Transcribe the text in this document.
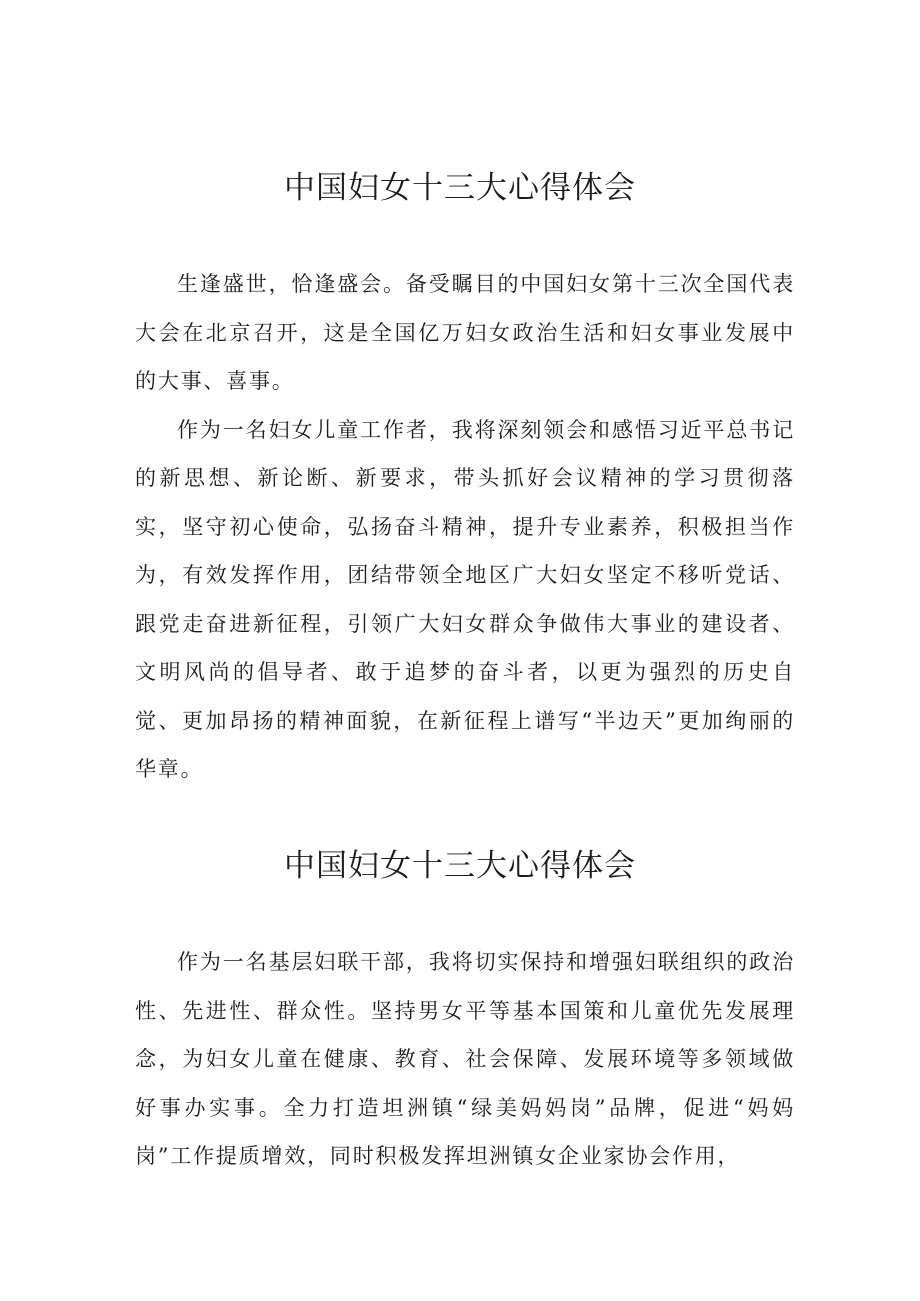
中国妇女十三大心得体会

生逢盛世，恰逢盛会。备受瞩目的中国妇女第十三次全国代表大会在北京召开，这是全国亿万妇女政治生活和妇女事业发展中的大事、喜事。

作为一名妇女儿童工作者，我将深刻领会和感悟习近平总书记的新思想、新论断、新要求，带头抓好会议精神的学习贯彻落实，坚守初心使命，弘扬奋斗精神，提升专业素养，积极担当作为，有效发挥作用，团结带领全地区广大妇女坚定不移听党话、跟党走奋进新征程，引领广大妇女群众争做伟大事业的建设者、文明风尚的倡导者、敢于追梦的奋斗者，以更为强烈的历史自觉、更加昂扬的精神面貌，在新征程上谱写“半边天”更加绚丽的华章。

中国妇女十三大心得体会

作为一名基层妇联干部，我将切实保持和增强妇联组织的政治性、先进性、群众性。坚持男女平等基本国策和儿童优先发展理念，为妇女儿童在健康、教育、社会保障、发展环境等多领域做好事办实事。全力打造坦洲镇“绿美妈妈岗”品牌，促进“妈妈岗”工作提质增效，同时积极发挥坦洲镇女企业家协会作用，
